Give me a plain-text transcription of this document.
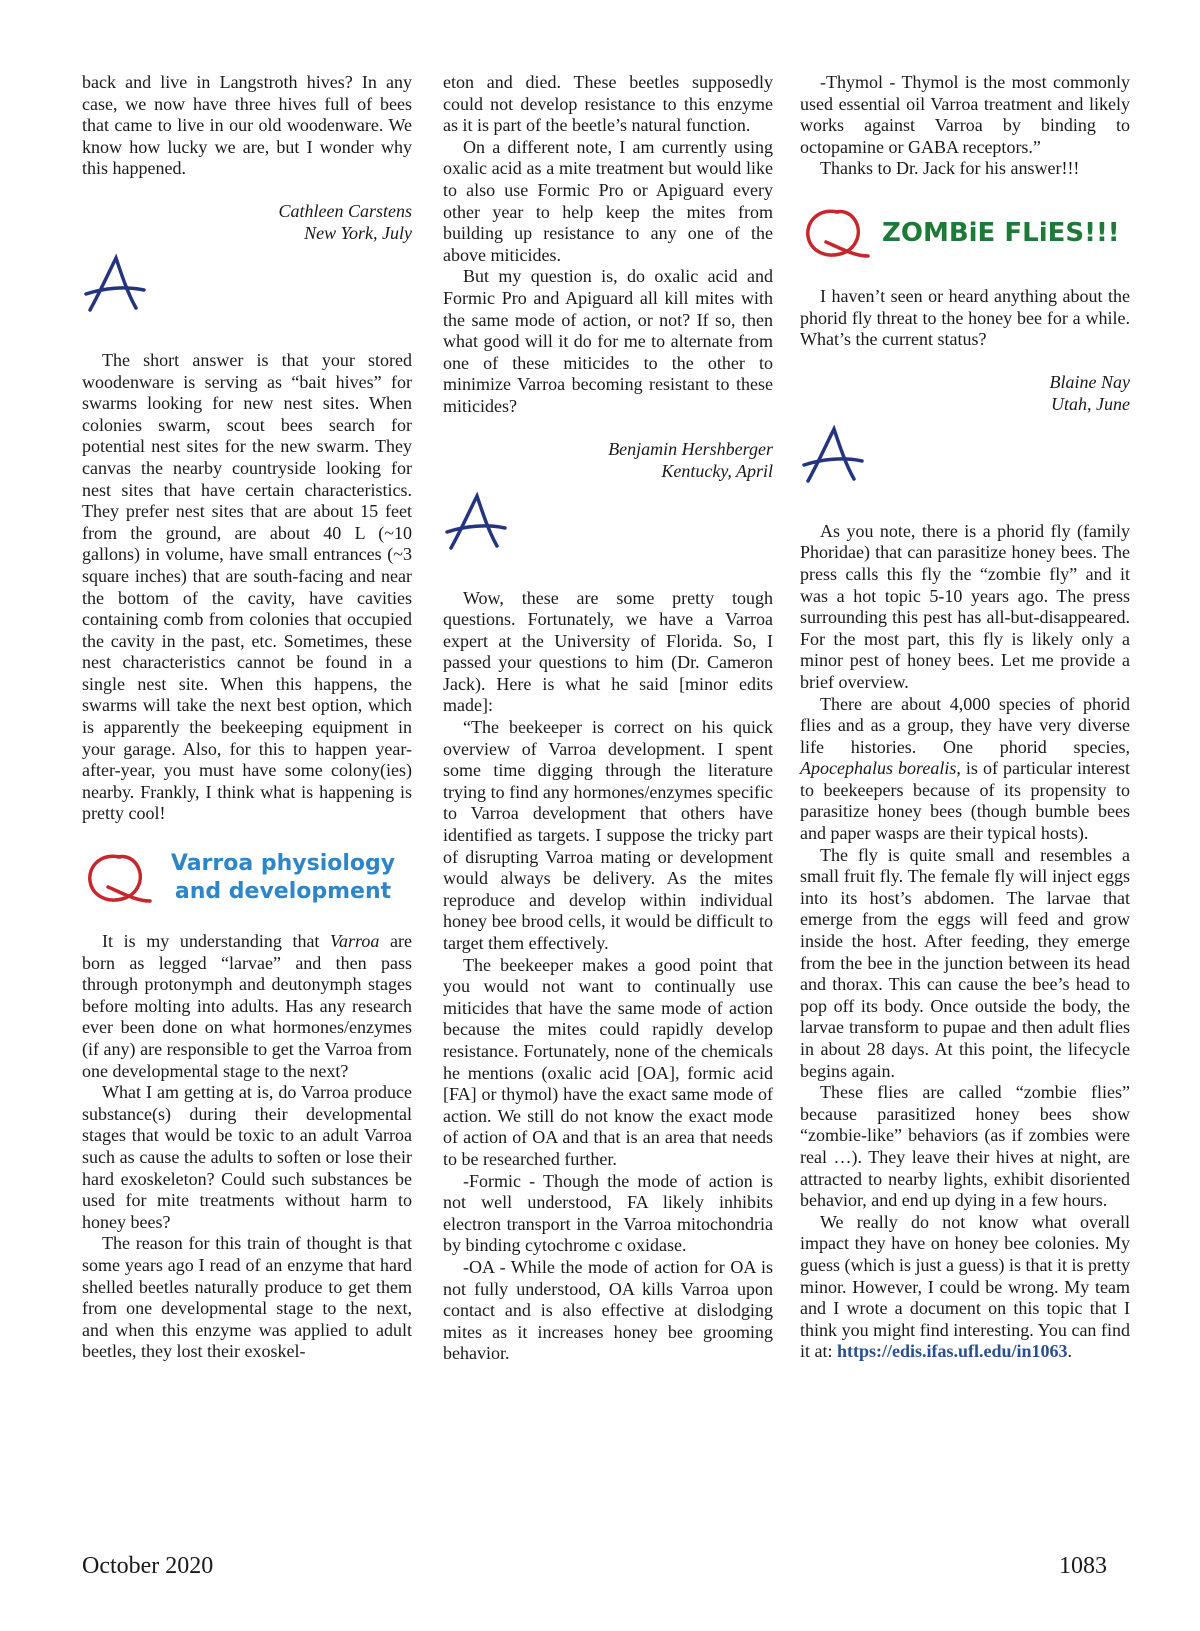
back and live in Langstroth hives? In any case, we now have three hives full of bees that came to live in our old woodenware. We know how lucky we are, but I wonder why this happened.

Cathleen Carstens
New York, July

The short answer is that your stored woodenware is serving as “bait hives” for swarms looking for new nest sites. When colonies swarm, scout bees search for potential nest sites for the new swarm. They canvas the nearby countryside looking for nest sites that have certain characteristics. They prefer nest sites that are about 15 feet from the ground, are about 40 L (~10 gallons) in volume, have small entrances (~3 square inches) that are south-facing and near the bottom of the cavity, have cavities containing comb from colonies that occupied the cavity in the past, etc. Sometimes, these nest characteristics cannot be found in a single nest site. When this happens, the swarms will take the next best option, which is apparently the beekeeping equipment in your garage. Also, for this to happen year-after-year, you must have some colony(ies) nearby. Frankly, I think what is happening is pretty cool!

Varroa physiology
and development

It is my understanding that Varroa are born as legged “larvae” and then pass through protonymph and deutonymph stages before molting into adults. Has any research ever been done on what hormones/enzymes (if any) are responsible to get the Varroa from one developmental stage to the next?

What I am getting at is, do Varroa produce substance(s) during their developmental stages that would be toxic to an adult Varroa such as cause the adults to soften or lose their hard exoskeleton? Could such substances be used for mite treatments without harm to honey bees?

The reason for this train of thought is that some years ago I read of an enzyme that hard shelled beetles naturally produce to get them from one developmental stage to the next, and when this enzyme was applied to adult beetles, they lost their exoskel-

eton and died. These beetles supposedly could not develop resistance to this enzyme as it is part of the beetle’s natural function.

On a different note, I am currently using oxalic acid as a mite treatment but would like to also use Formic Pro or Apiguard every other year to help keep the mites from building up resistance to any one of the above miticides.

But my question is, do oxalic acid and Formic Pro and Apiguard all kill mites with the same mode of action, or not? If so, then what good will it do for me to alternate from one of these miticides to the other to minimize Varroa becoming resistant to these miticides?

Benjamin Hershberger
Kentucky, April

Wow, these are some pretty tough questions. Fortunately, we have a Varroa expert at the University of Florida. So, I passed your questions to him (Dr. Cameron Jack). Here is what he said [minor edits made]:

“The beekeeper is correct on his quick overview of Varroa development. I spent some time digging through the literature trying to find any hormones/enzymes specific to Varroa development that others have identified as targets. I suppose the tricky part of disrupting Varroa mating or development would always be delivery. As the mites reproduce and develop within individual honey bee brood cells, it would be difficult to target them effectively.

The beekeeper makes a good point that you would not want to continually use miticides that have the same mode of action because the mites could rapidly develop resistance. Fortunately, none of the chemicals he mentions (oxalic acid [OA], formic acid [FA] or thymol) have the exact same mode of action. We still do not know the exact mode of action of OA and that is an area that needs to be researched further.

-Formic - Though the mode of action is not well understood, FA likely inhibits electron transport in the Varroa mitochondria by binding cytochrome c oxidase.

-OA - While the mode of action for OA is not fully understood, OA kills Varroa upon contact and is also effective at dislodging mites as it increases honey bee grooming behavior.

-Thymol - Thymol is the most commonly used essential oil Varroa treatment and likely works against Varroa by binding to octopamine or GABA receptors.”

Thanks to Dr. Jack for his answer!!!

ZOMBiE FLiES!!!

I haven’t seen or heard anything about the phorid fly threat to the honey bee for a while. What’s the current status?

Blaine Nay
Utah, June

As you note, there is a phorid fly (family Phoridae) that can parasitize honey bees. The press calls this fly the “zombie fly” and it was a hot topic 5-10 years ago. The press surrounding this pest has all-but-disappeared. For the most part, this fly is likely only a minor pest of honey bees. Let me provide a brief overview.

There are about 4,000 species of phorid flies and as a group, they have very diverse life histories. One phorid species, Apocephalus borealis, is of particular interest to beekeepers because of its propensity to parasitize honey bees (though bumble bees and paper wasps are their typical hosts).

The fly is quite small and resembles a small fruit fly. The female fly will inject eggs into its host’s abdomen. The larvae that emerge from the eggs will feed and grow inside the host. After feeding, they emerge from the bee in the junction between its head and thorax. This can cause the bee’s head to pop off its body. Once outside the body, the larvae transform to pupae and then adult flies in about 28 days. At this point, the lifecycle begins again.

These flies are called “zombie flies” because parasitized honey bees show “zombie-like” behaviors (as if zombies were real …). They leave their hives at night, are attracted to nearby lights, exhibit disoriented behavior, and end up dying in a few hours.

We really do not know what overall impact they have on honey bee colonies. My guess (which is just a guess) is that it is pretty minor. However, I could be wrong. My team and I wrote a document on this topic that I think you might find interesting. You can find it at: https://edis.ifas.ufl.edu/in1063.

October 2020	1083
